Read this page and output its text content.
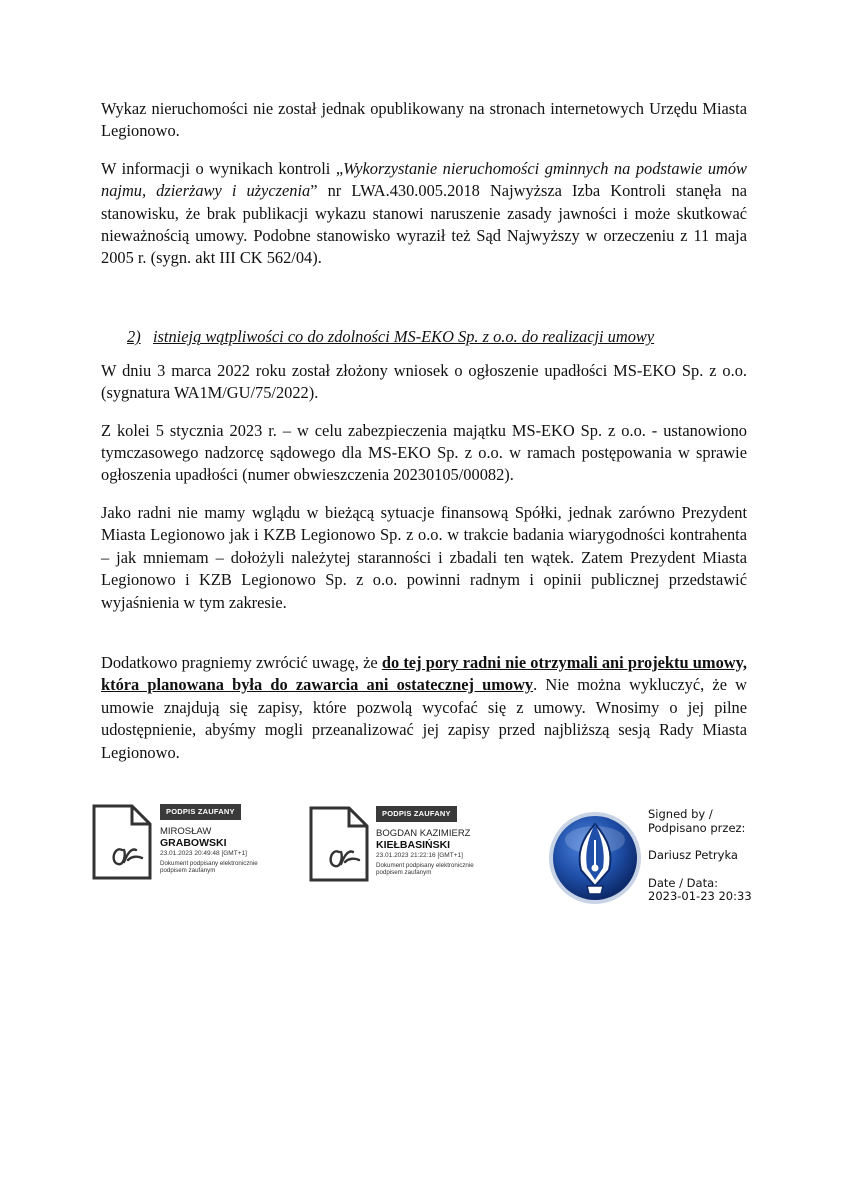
Wykaz nieruchomości nie został jednak opublikowany na stronach internetowych Urzędu Miasta Legionowo.

W informacji o wynikach kontroli „Wykorzystanie nieruchomości gminnych na podstawie umów najmu, dzierżawy i użyczenia” nr LWA.430.005.2018 Najwyższa Izba Kontroli stanęła na stanowisku, że brak publikacji wykazu stanowi naruszenie zasady jawności i może skutkować nieważnością umowy. Podobne stanowisko wyraził też Sąd Najwyższy w orzeczeniu z 11 maja 2005 r. (sygn. akt III CK 562/04).

2) istnieją wątpliwości co do zdolności MS-EKO Sp. z o.o. do realizacji umowy

W dniu 3 marca 2022 roku został złożony wniosek o ogłoszenie upadłości MS-EKO Sp. z o.o. (sygnatura WA1M/GU/75/2022).

Z kolei 5 stycznia 2023 r. – w celu zabezpieczenia majątku MS-EKO Sp. z o.o. - ustanowiono tymczasowego nadzorcę sądowego dla MS-EKO Sp. z o.o. w ramach postępowania w sprawie ogłoszenia upadłości (numer obwieszczenia 20230105/00082).

Jako radni nie mamy wglądu w bieżącą sytuacje finansową Spółki, jednak zarówno Prezydent Miasta Legionowo jak i KZB Legionowo Sp. z o.o. w trakcie badania wiarygodności kontrahenta – jak mniemam – dołożyli należytej staranności i zbadali ten wątek. Zatem Prezydent Miasta Legionowo i KZB Legionowo Sp. z o.o. powinni radnym i opinii publicznej przedstawić wyjaśnienia w tym zakresie.

Dodatkowo pragniemy zwrócić uwagę, że do tej pory radni nie otrzymali ani projektu umowy, która planowana była do zawarcia ani ostatecznej umowy. Nie można wykluczyć, że w umowie znajdują się zapisy, które pozwolą wycofać się z umowy. Wnosimy o jej pilne udostępnienie, abyśmy mogli przeanalizować jej zapisy przed najbliższą sesją Rady Miasta Legionowo.

PODPIS ZAUFANY
MIROSŁAW
GRABOWSKI
23.01.2023 20:49:48 [GMT+1]
Dokument podpisany elektronicznie podpisem zaufanym
PODPIS ZAUFANY
BOGDAN KAZIMIERZ
KIEŁBASIŃSKI
23.01.2023 21:22:16 [GMT+1]
Dokument podpisany elektronicznie podpisem zaufanym
Signed by / Podpisano przez:
Dariusz Petryka
Date / Data:
2023-01-23 20:33
